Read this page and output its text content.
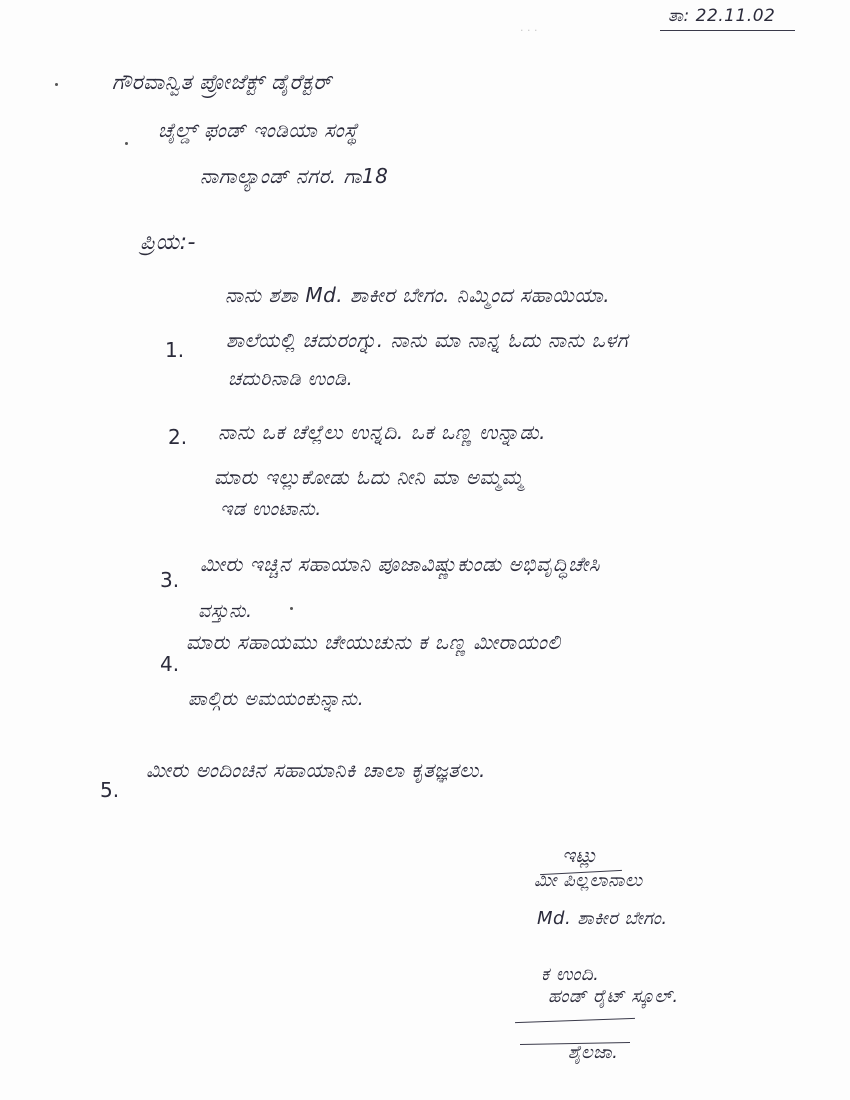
ತಾ: 22.11.02
· · ·
ಗೌರವಾನ್ವಿತ ಪ್ರೋಜೆಕ್ಟ್ ಡೈರೆಕ್ಟರ್
ಚೈಲ್ಡ್ ಫಂಡ್ ಇಂಡಿಯಾ ಸಂಸ್ಥೆ
ನಾಗಾಲ್ಯಾಂಡ್ ನಗರ. ಗಾ18
ಪ್ರಿಯ:-
ನಾನು ಶಶಾ Md. ಶಾಕೀರ ಬೇಗಂ. ನಿಮ್ಮಿಂದ ಸಹಾಯಿಯಾ.
1. ಶಾಲೆಯಲ್ಲಿ ಚದುರಂಗ್ನು. ನಾನು ಮಾ ನಾನ್ನ ಓದು ನಾನು ಒಳಗ
ಚದುರಿನಾಡಿ ಉಂಡಿ.
2. ನಾನು ಒಕ ಚೆಲ್ಲೆಲು ಉನ್ನದಿ. ಒಕ ಒಣ್ಣ ಉನ್ನಾಡು.
ಮಾರು ಇಲ್ಲುಕೋಡು ಓದು ನೀನಿ ಮಾ ಅಮ್ಮಮ್ಮ
ಇಡ ಉಂಟಾನು.
3.
ಮೀರು ಇಚ್ಚಿನ ಸಹಾಯಾನಿ ಪೂಜಾವಿಷ್ಣುಕುಂಡು ಅಭಿವೃದ್ಧಿಚೇಸಿ
ವಸ್ತುನು.
4.
ಮಾರು ಸಹಾಯಮು ಚೇಯುಚುನು ಕ ಒಣ್ಣ ಮೀರಾಯಂಲಿ
ಪಾಲ್ಗಿರು ಅಮಯಂಕುನ್ನಾನು.
5.
ಮೀರು ಅಂದಿಂಚಿನ ಸಹಾಯಾನಿಕಿ ಚಾಲಾ ಕೃತಜ್ಞತಲು.
ಇಟ್ಲು
ಮೀ ಪಿಲ್ಲಲಾನಾಲು
Md. ಶಾಕೀರ ಬೇಗಂ.
ಕ ಉಂದಿ.
ಹಂಡ್ ರೈಟ್ ಸ್ಕೂಲ್.
ಶೈಲಜಾ.
